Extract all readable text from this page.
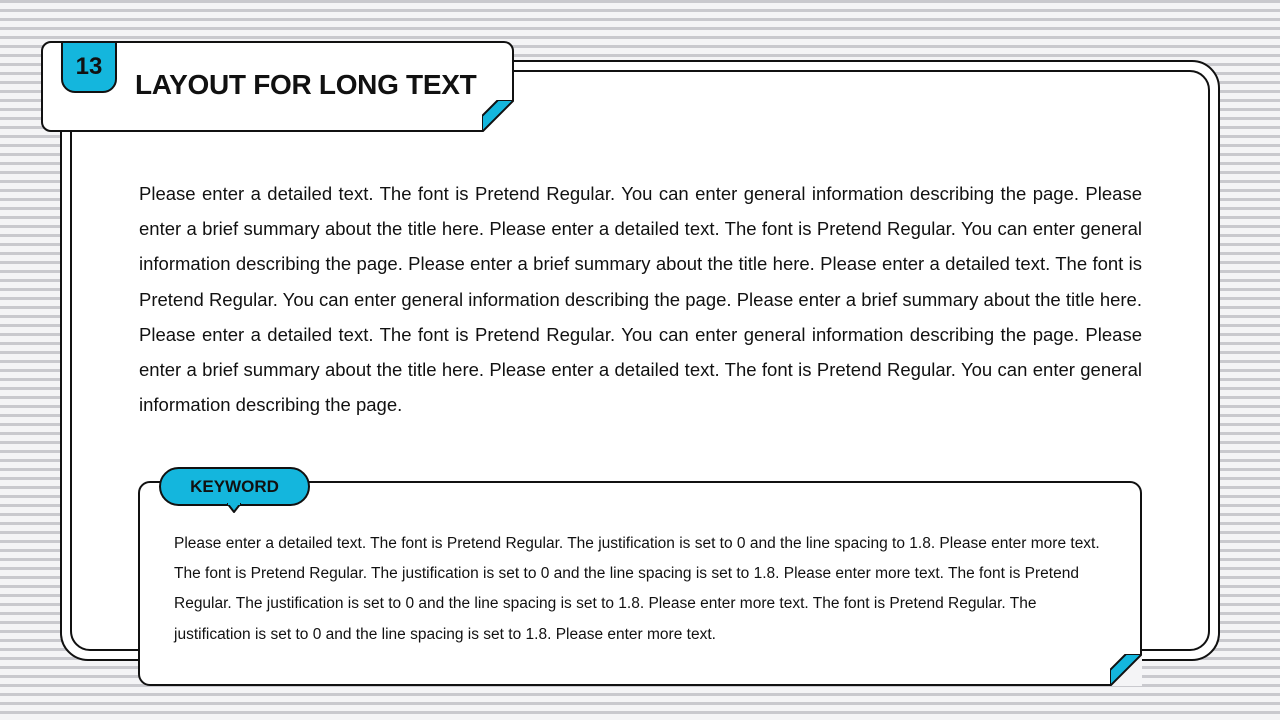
13
LAYOUT FOR LONG TEXT

Please enter a detailed text. The font is Pretend Regular. You can enter general information describing the page. Please enter a brief summary about the title here. Please enter a detailed text. The font is Pretend Regular. You can enter general information describing the page. Please enter a brief summary about the title here. Please enter a detailed text. The font is Pretend Regular. You can enter general information describing the page. Please enter a brief summary about the title here. Please enter a detailed text. The font is Pretend Regular. You can enter general information describing the page. Please enter a brief summary about the title here. Please enter a detailed text. The font is Pretend Regular. You can enter general information describing the page.

Please enter a detailed text. The font is Pretend Regular. The justification is set to 0 and the line spacing to 1.8. Please enter more text. The font is Pretend Regular. The justification is set to 0 and the line spacing is set to 1.8. Please enter more text. The font is Pretend Regular. The justification is set to 0 and the line spacing is set to 1.8. Please enter more text. The font is Pretend Regular. The justification is set to 0 and the line spacing is set to 1.8. Please enter more text.

KEYWORD
